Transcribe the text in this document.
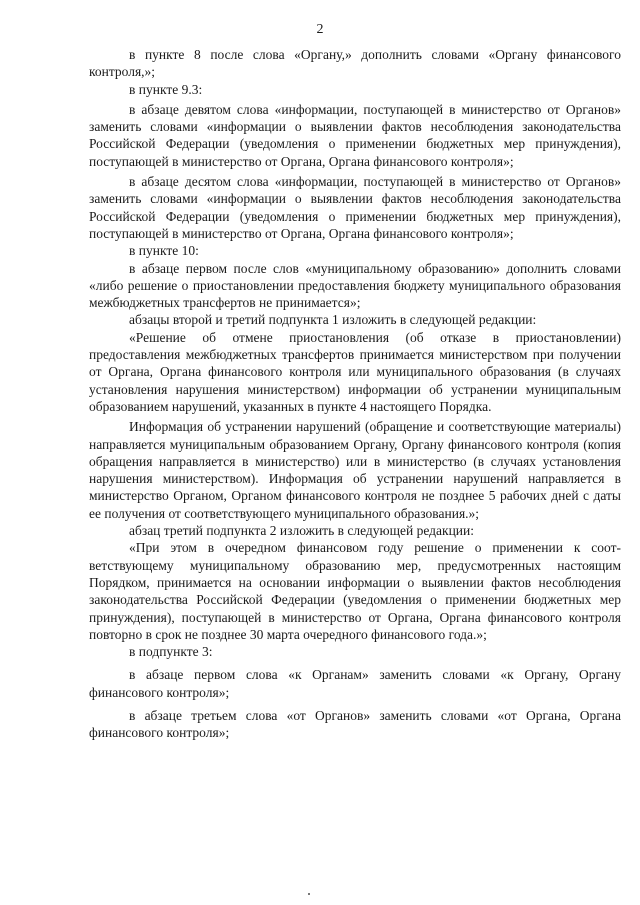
2

в пункте 8 после слова «Органу,» дополнить словами «Органу финансового контроля,»;

в пункте 9.3:

в абзаце девятом слова «информации, поступающей в министерство от Органов» заменить словами «информации о выявлении фактов несоблюдения законодательства Российской Федерации (уведомления о применении бюджетных мер принуждения), поступающей в министерство от Органа, Органа финансового контроля»;

в абзаце десятом слова «информации, поступающей в министерство от Органов» заменить словами «информации о выявлении фактов несоблюдения законодательства Российской Федерации (уведомления о применении бюджетных мер принуждения), поступающей в министерство от Органа, Органа финансового контроля»;

в пункте 10:

в абзаце первом после слов «муниципальному образованию» дополнить словами «либо решение о приостановлении предоставления бюджету муниципального образования межбюджетных трансфертов не принимается»;

абзацы второй и третий подпункта 1 изложить в следующей редакции:

«Решение об отмене приостановления (об отказе в приостановлении) предоставления межбюджетных трансфертов принимается министерством при получении от Органа, Органа финансового контроля или муниципального образования (в случаях установления нарушения министерством) информации об устранении муниципальным образованием нарушений, указанных в пункте 4 настоящего Порядка.

Информация об устранении нарушений (обращение и соответствующие материалы) направляется муниципальным образованием Органу, Органу финансового контроля (копия обращения направляется в министерство) или в министерство (в случаях установления нарушения министерством). Информация об устранении нарушений направляется в министерство Органом, Органом финансового контроля не позднее 5 рабочих дней с даты ее получения от соответствующего муниципального образования.»;

абзац третий подпункта 2 изложить в следующей редакции:

«При этом в очередном финансовом году решение о применении к соответствующему муниципальному образованию мер, предусмотренных настоящим Порядком, принимается на основании информации о выявлении фактов несоблюдения законодательства Российской Федерации (уведомления о применении бюджетных мер принуждения), поступающей в министерство от Органа, Органа финансового контроля повторно в срок не позднее 30 марта очередного финансового года.»;

в подпункте 3:

в абзаце первом слова «к Органам» заменить словами «к Органу, Органу финансового контроля»;

в абзаце третьем слова «от Органов» заменить словами «от Органа, Органа финансового контроля»;
